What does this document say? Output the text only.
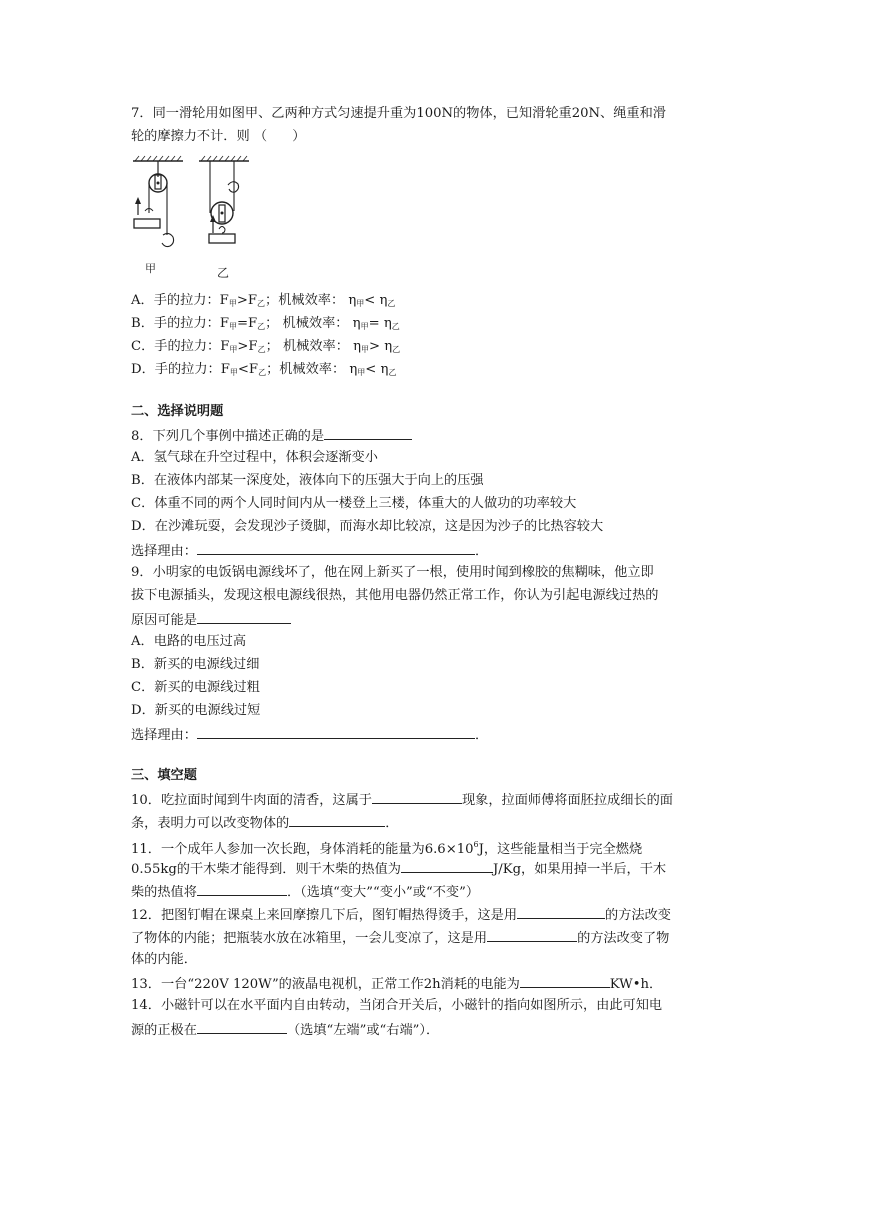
7．同一滑轮用如图甲、乙两种方式匀速提升重为100N的物体，已知滑轮重20N、绳重和滑
轮的摩擦力不计．则 （      ）
甲	乙
A．手的拉力：$F_甲>F_乙$；机械效率： $\eta_甲< \eta_乙$
B．手的拉力：$F_甲=F_乙$； 机械效率： $\eta_甲= \eta_乙$
C．手的拉力：$F_甲>F_乙$； 机械效率： $\eta_甲> \eta_乙$
D．手的拉力：$F_甲<F_乙$；机械效率： $\eta_甲< \eta_乙$
二、选择说明题
8．下列几个事例中描述正确的是
A．氢气球在升空过程中，体积会逐渐变小
B．在液体内部某一深度处，液体向下的压强大于向上的压强
C．体重不同的两个人同时间内从一楼登上三楼，体重大的人做功的功率较大
D．在沙滩玩耍，会发现沙子烫脚，而海水却比较凉，这是因为沙子的比热容较大
选择理由：	．
9．小明家的电饭锅电源线坏了，他在网上新买了一根，使用时闻到橡胶的焦糊味，他立即
拔下电源插头，发现这根电源线很热，其他用电器仍然正常工作，你认为引起电源线过热的
原因可能是
A．电路的电压过高
B．新买的电源线过细
C．新买的电源线过粗
D．新买的电源线过短
选择理由：	．
三、填空题
10．吃拉面时闻到牛肉面的清香，这属于	现象，拉面师傅将面胚拉成细长的面
条，表明力可以改变物体的	．
11．一个成年人参加一次长跑，身体消耗的能量为$6.6\times 10^6J$，这些能量相当于完全燃烧
0.55kg的干木柴才能得到．则干木柴的热值为	J/Kg，如果用掉一半后，干木
柴的热值将	．（选填“变大”“变小”或“不变”）
12．把图钉帽在课桌上来回摩擦几下后，图钉帽热得烫手，这是用	的方法改变
了物体的内能；把瓶装水放在冰箱里，一会儿变凉了，这是用	的方法改变了物
体的内能．
13．一台“220V 120W”的液晶电视机，正常工作2h消耗的电能为	KW•h．
14．小磁针可以在水平面内自由转动，当闭合开关后，小磁针的指向如图所示，由此可知电
源的正极在	（选填“左端”或“右端”）．
